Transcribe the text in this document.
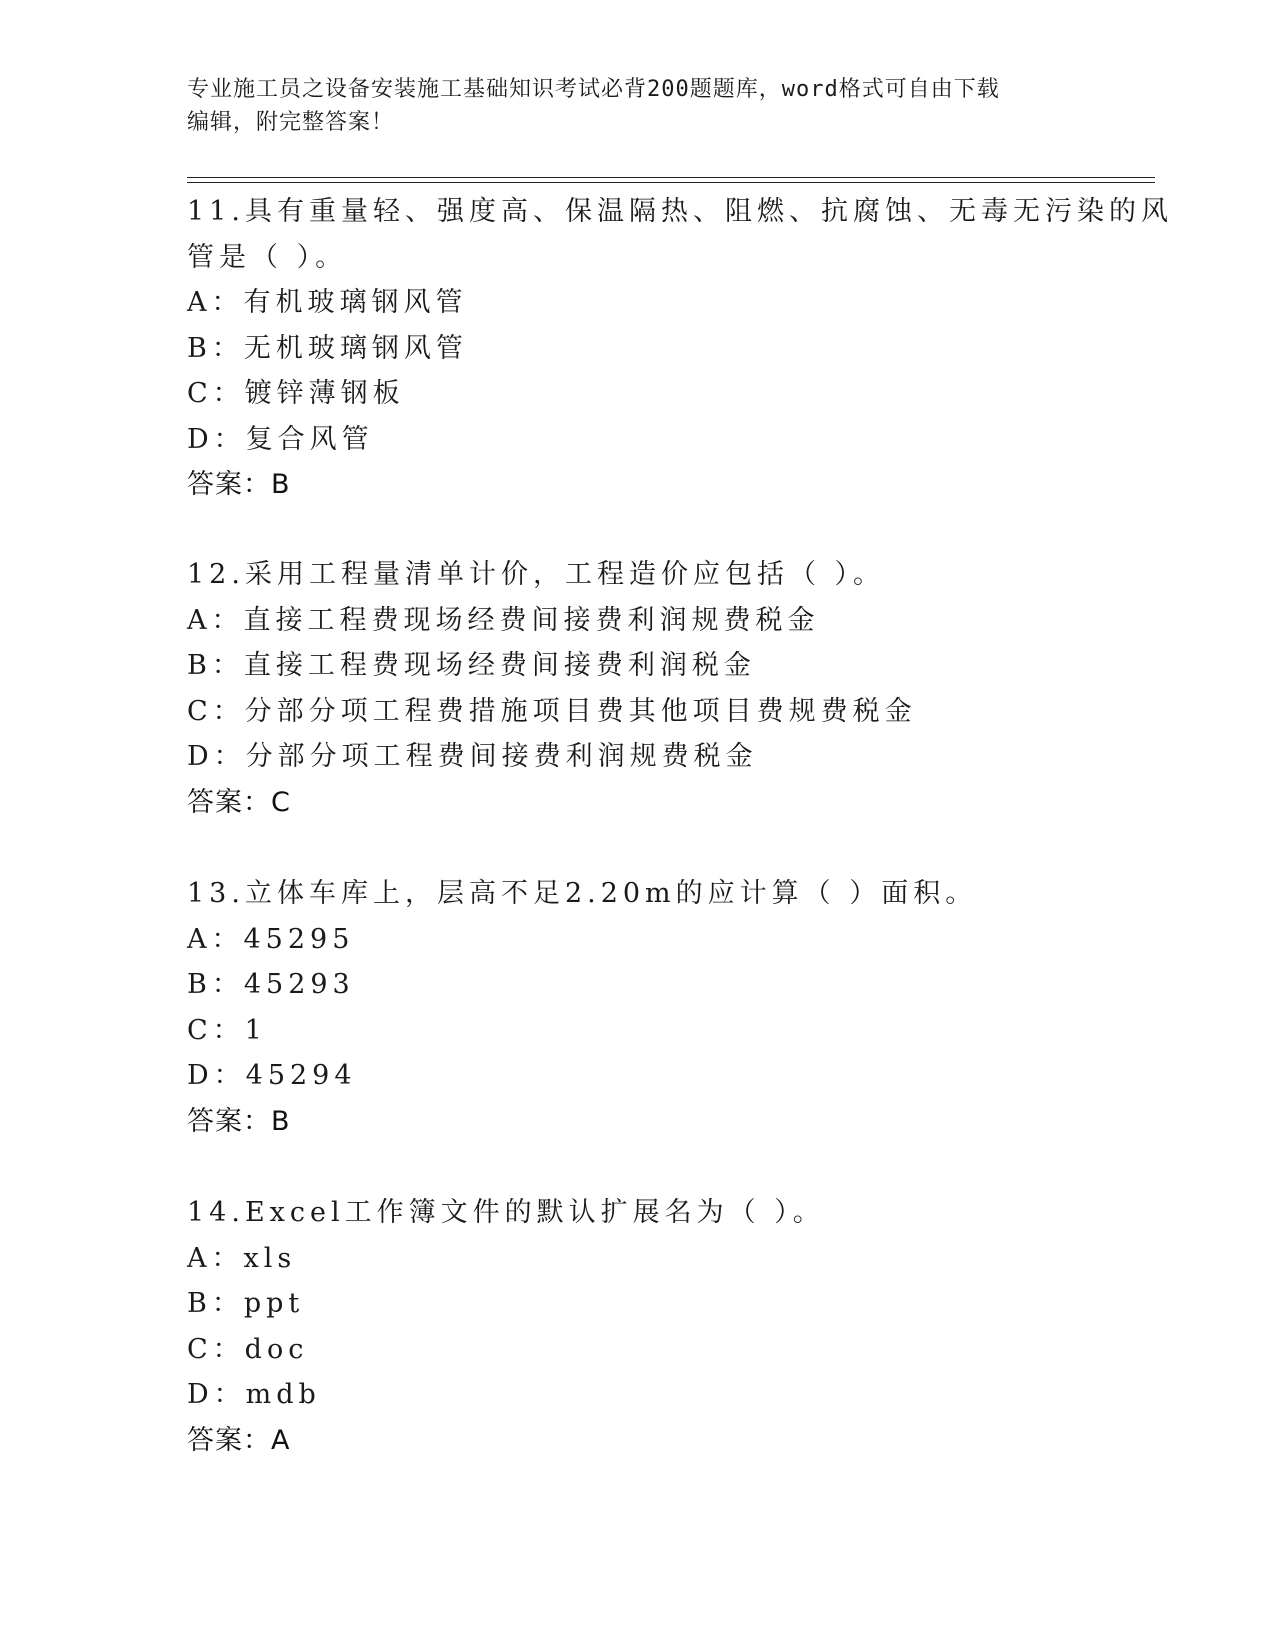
专业施工员之设备安装施工基础知识考试必背200题题库，word格式可自由下载
编辑，附完整答案！
11.具有重量轻、强度高、保温隔热、阻燃、抗腐蚀、无毒无污染的风
管是（ ）。
A：有机玻璃钢风管
B：无机玻璃钢风管
C：镀锌薄钢板
D：复合风管
答案：B
12.采用工程量清单计价，工程造价应包括（ ）。
A：直接工程费现场经费间接费利润规费税金
B：直接工程费现场经费间接费利润税金
C：分部分项工程费措施项目费其他项目费规费税金
D：分部分项工程费间接费利润规费税金
答案：C
13.立体车库上，层高不足2.20m的应计算（ ）面积。
A：45295
B：45293
C：1
D：45294
答案：B
14.Excel工作簿文件的默认扩展名为（ ）。
A：xls
B：ppt
C：doc
D：mdb
答案：A
